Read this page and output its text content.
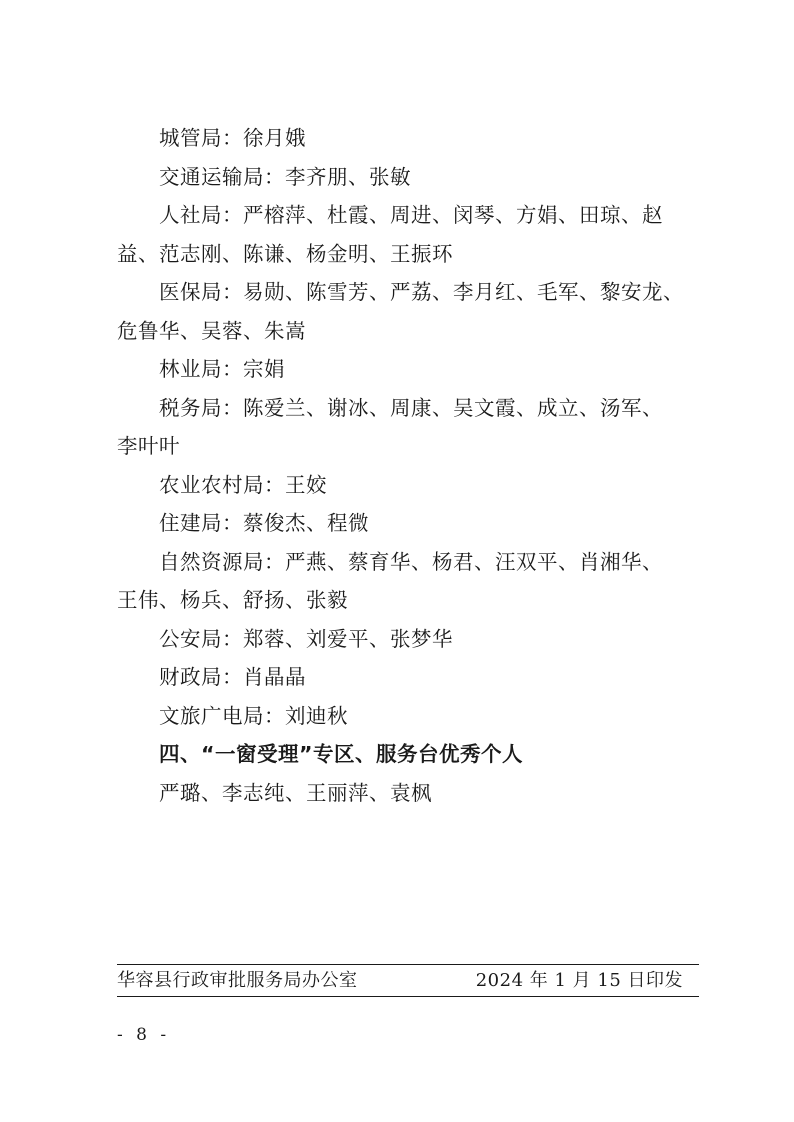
城管局：徐月娥
交通运输局：李齐朋、张敏
人社局：严榕萍、杜霞、周进、闵琴、方娟、田琼、赵
益、范志刚、陈谦、杨金明、王振环
医保局：易勋、陈雪芳、严荔、李月红、毛军、黎安龙、
危鲁华、吴蓉、朱嵩
林业局：宗娟
税务局：陈爱兰、谢冰、周康、吴文霞、成立、汤军、
李叶叶
农业农村局：王姣
住建局：蔡俊杰、程微
自然资源局：严燕、蔡育华、杨君、汪双平、肖湘华、
王伟、杨兵、舒扬、张毅
公安局：郑蓉、刘爱平、张梦华
财政局：肖晶晶
文旅广电局：刘迪秋
四、“一窗受理”专区、服务台优秀个人
严璐、李志纯、王丽萍、袁枫
华容县行政审批服务局办公室	2024 年 1 月 15 日印发
- 8 -
